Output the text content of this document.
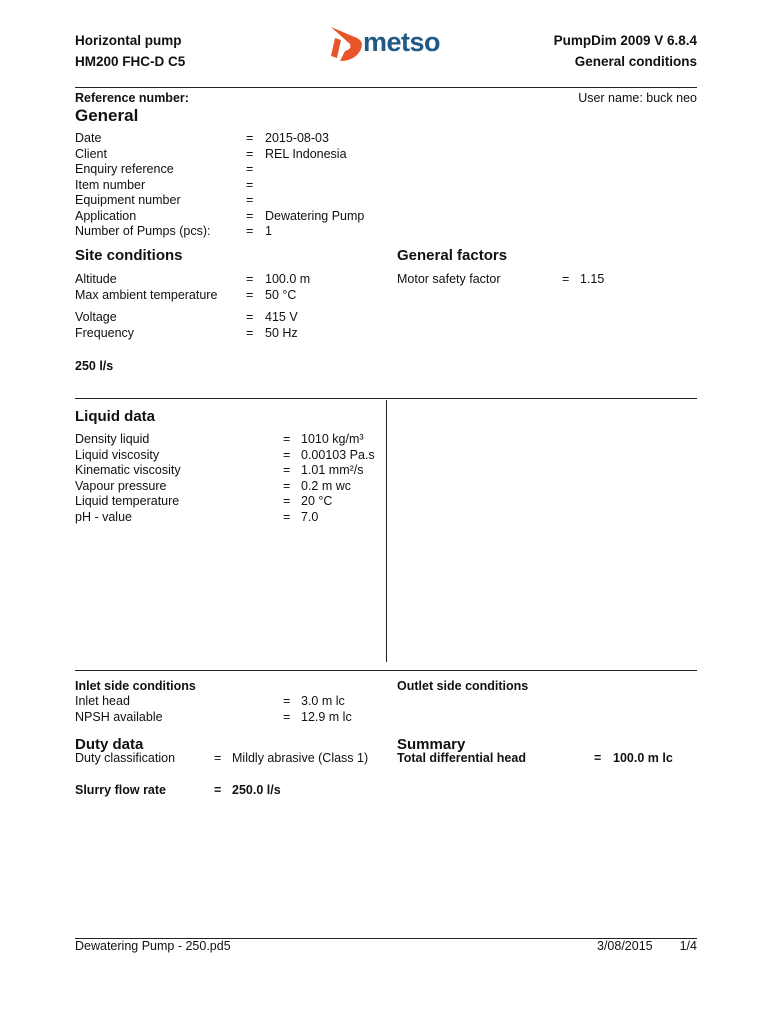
Horizontal pump
HM200 FHC-D C5
metso	PumpDim 2009 V 6.8.4
General conditions
Reference number:	User name: buck neo
General
Date	= 2015-08-03
Client	= REL Indonesia
Enquiry reference	=
Item number	=
Equipment number	=
Application	= Dewatering Pump
Number of Pumps (pcs):	= 1
Site conditions
Altitude	= 100.0 m
Max ambient temperature = 50 °C
Voltage	= 415 V
Frequency	= 50 Hz
250 l/s
General factors
Motor safety factor	= 1.15
Liquid data
Density liquid	= 1010 kg/m³
Liquid viscosity	= 0.00103 Pa.s
Kinematic viscosity	= 1.01 mm²/s
Vapour pressure	= 0.2 m wc
Liquid temperature	= 20 °C
pH - value	= 7.0
Inlet side conditions
Inlet head	= 3.0 m lc
NPSH available	= 12.9 m lc
Outlet side conditions
Duty data
Duty classification	= Mildly abrasive (Class 1)
Slurry flow rate	= 250.0 l/s
Summary
Total differential head	= 100.0 m lc
Dewatering Pump - 250.pd5	3/08/2015 1/4
